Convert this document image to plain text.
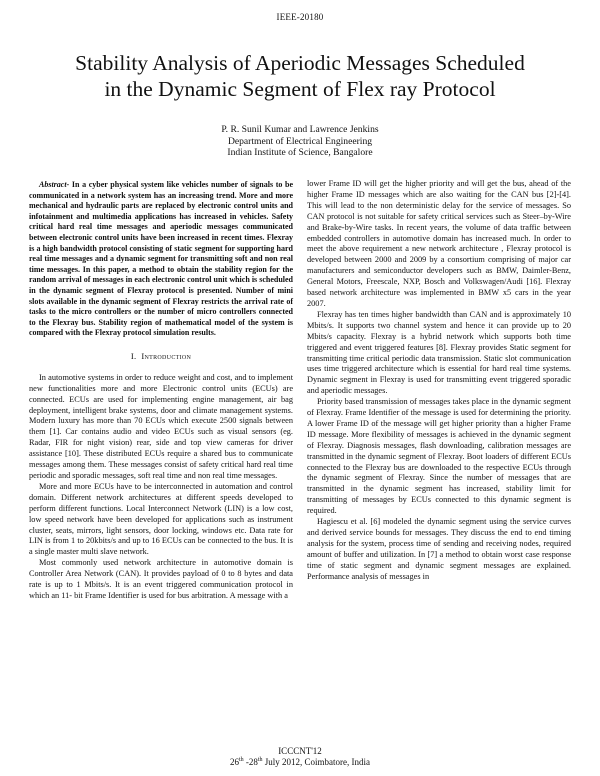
IEEE-20180
Stability Analysis of Aperiodic Messages Scheduled
in the Dynamic Segment of Flex ray Protocol
P. R. Sunil Kumar and Lawrence Jenkins
Department of Electrical Engineering
Indian Institute of Science, Bangalore

Abstract- In a cyber physical system like vehicles number of signals to be communicated in a network system has an increasing trend. More and more mechanical and hydraulic parts are replaced by electronic control units and infotainment and multimedia applications has increased in vehicles. Safety critical hard real time messages and aperiodic messages communicated between electronic control units have been increased in recent times. Flexray is a high bandwidth protocol consisting of static segment for supporting hard real time messages and a dynamic segment for transmitting soft and non real time messages. In this paper, a method to obtain the stability region for the random arrival of messages in each electronic control unit which is scheduled in the dynamic segment of Flexray protocol is presented. Number of mini slots available in the dynamic segment of Flexray restricts the arrival rate of tasks to the micro controllers or the number of micro controllers connected to the Flexray bus. Stability region of mathematical model of the system is compared with the Flexray protocol simulation results.

I. Introduction

In automotive systems in order to reduce weight and cost, and to implement new functionalities more and more Electronic control units (ECUs) are connected. ECUs are used for implementing engine management, air bag deployment, intelligent brake systems, door and climate management systems. Modern luxury has more than 70 ECUs which execute 2500 signals between them [1]. Car contains audio and video ECUs such as visual sensors (eg. Radar, FIR for night vision) rear, side and top view cameras for driver assistance [10]. These distributed ECUs require a shared bus to communicate messages among them. These messages consist of safety critical hard real time periodic and sporadic messages, soft real time and non real time messages.

More and more ECUs have to be interconnected in automation and control domain. Different network architectures at different speeds developed to perform different functions. Local Interconnect Network (LIN) is a low cost, low speed network have been developed for applications such as instrument cluster, seats, mirrors, light sensors, door locking, windows etc. Data rate for LIN is from 1 to 20kbits/s and up to 16 ECUs can be connected to the bus. It is a single master multi slave network.

Most commonly used network architecture in automotive domain is Controller Area Network (CAN). It provides payload of 0 to 8 bytes and data rate is up to 1 Mbits/s. It is an event triggered communication protocol in which an 11- bit Frame Identifier is used for bus arbitration. A message with a

lower Frame ID will get the higher priority and will get the bus, ahead of the higher Frame ID messages which are also waiting for the CAN bus [2]-[4]. This will lead to the non deterministic delay for the service of messages. So CAN protocol is not suitable for safety critical services such as Steer–by-Wire and Brake-by-Wire tasks. In recent years, the volume of data traffic between embedded controllers in automotive domain has increased much. In order to meet the above requirement a new network architecture , Flexray protocol is developed between 2000 and 2009 by a consortium comprising of major car manufacturers and semiconductor developers such as BMW, Daimler-Benz, General Motors, Freescale, NXP, Bosch and Volkswagen/Audi [16]. Flexray based network architecture was implemented in BMW x5 cars in the year 2007.

Flexray has ten times higher bandwidth than CAN and is approximately 10 Mbits/s. It supports two channel system and hence it can provide up to 20 Mbits/s capacity. Flexray is a hybrid network which supports both time triggered and event triggered features [8]. Flexray provides Static segment for transmitting time critical periodic data transmission. Static slot communication uses time triggered architecture which is essential for hard real time systems. Dynamic segment in Flexray is used for transmitting event triggered sporadic and aperiodic messages.

Priority based transmission of messages takes place in the dynamic segment of Flexray. Frame Identifier of the message is used for determining the priority. A lower Frame ID of the message will get higher priority than a higher Frame ID message. More flexibility of messages is achieved in the dynamic segment of Flexray. Diagnosis messages, flash downloading, calibration messages are transmitted in the dynamic segment of Flexray. Boot loaders of different ECUs connected to the Flexray bus are downloaded to the respective ECUs through the dynamic segment of Flexray. Since the number of messages that are transmitted in the dynamic segment has increased, stability limit for transmitting of messages by ECUs connected to this dynamic segment is required.

Hagiescu et al. [6] modeled the dynamic segment using the service curves and derived service bounds for messages. They discuss the end to end timing analysis for the system, process time of sending and receiving nodes, required amount of buffer and utilization. In [7] a method to obtain worst case response time of static segment and dynamic segment messages are explained. Performance analysis of messages in

ICCCNT'12
26th -28th July 2012, Coimbatore, India
